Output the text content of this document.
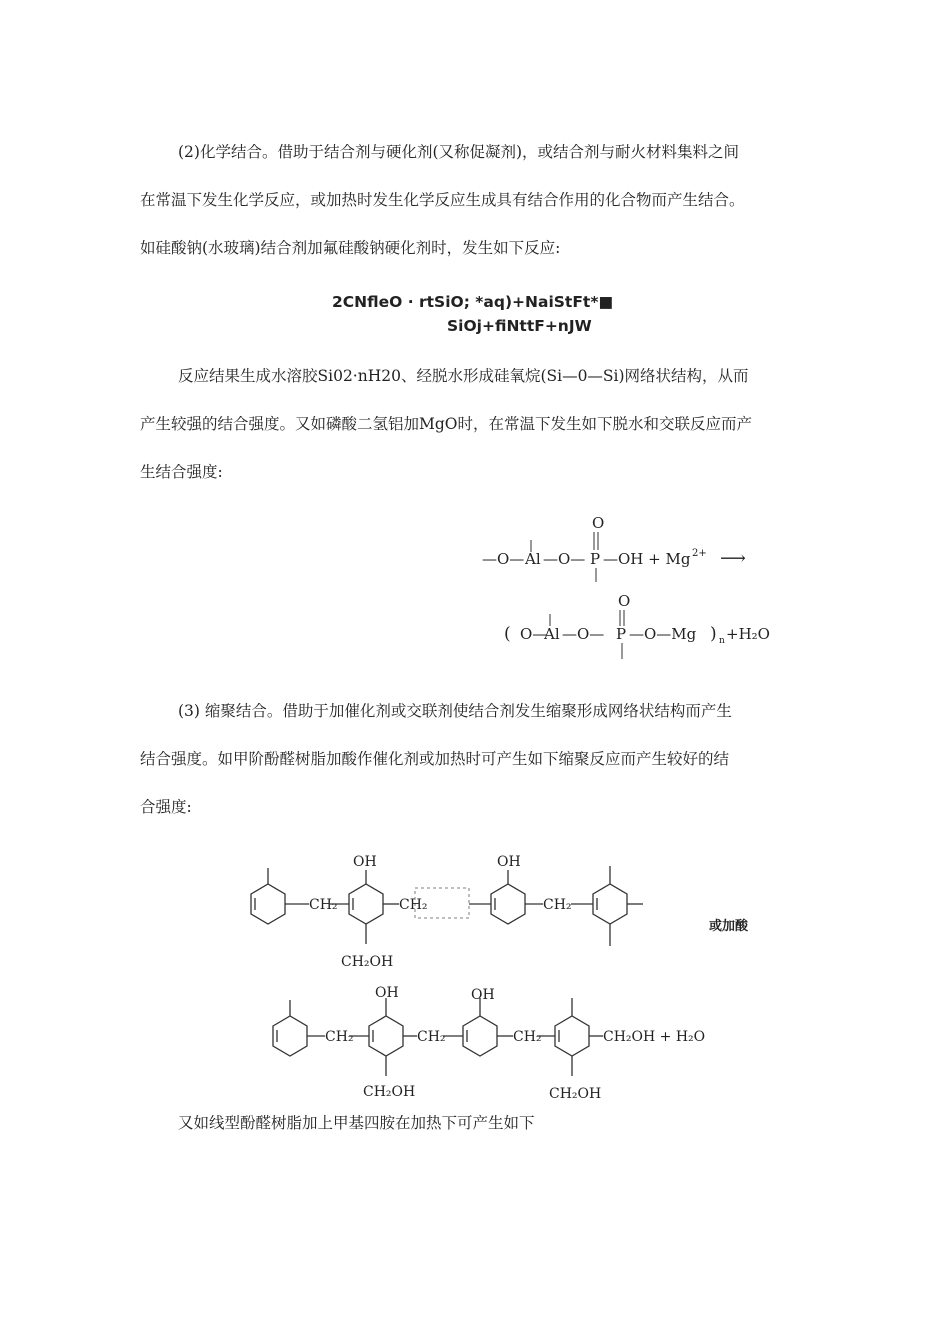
(2)化学结合。借助于结合剂与硬化剂(又称促凝剂)，或结合剂与耐火材料集料之间
在常温下发生化学反应，或加热时发生化学反应生成具有结合作用的化合物而产生结合。
如硅酸钠(水玻璃)结合剂加氟硅酸钠硬化剂时，发生如下反应:
2CNfleO · rtSiO; *aq)+NaiStFt*■
SiOj+fiNttF+nJW
反应结果生成水溶胶Si02·nH20、经脱水形成硅氧烷(Si—0—Si)网络状结构，从而
产生较强的结合强度。又如磷酸二氢铝加MgO时，在常温下发生如下脱水和交联反应而产
生结合强度:
O
—O— Al —O— P —OH + Mg 2+ ⟶
O
( O—
Al —O— P —O—Mg ) n +H₂O
(3) 缩聚结合。借助于加催化剂或交联剂使结合剂发生缩聚形成网络状结构而产生
结合强度。如甲阶酚醛树脂加酸作催化剂或加热时可产生如下缩聚反应而产生较好的结
合强度:
OH	OH
CH₂	CH₂	CH₂
CH₂OH
或加酸
OH	OH
CH₂	CH₂	CH₂	CH₂OH + H₂O
CH₂OH	CH₂OH
又如线型酚醛树脂加上甲基四胺在加热下可产生如下
